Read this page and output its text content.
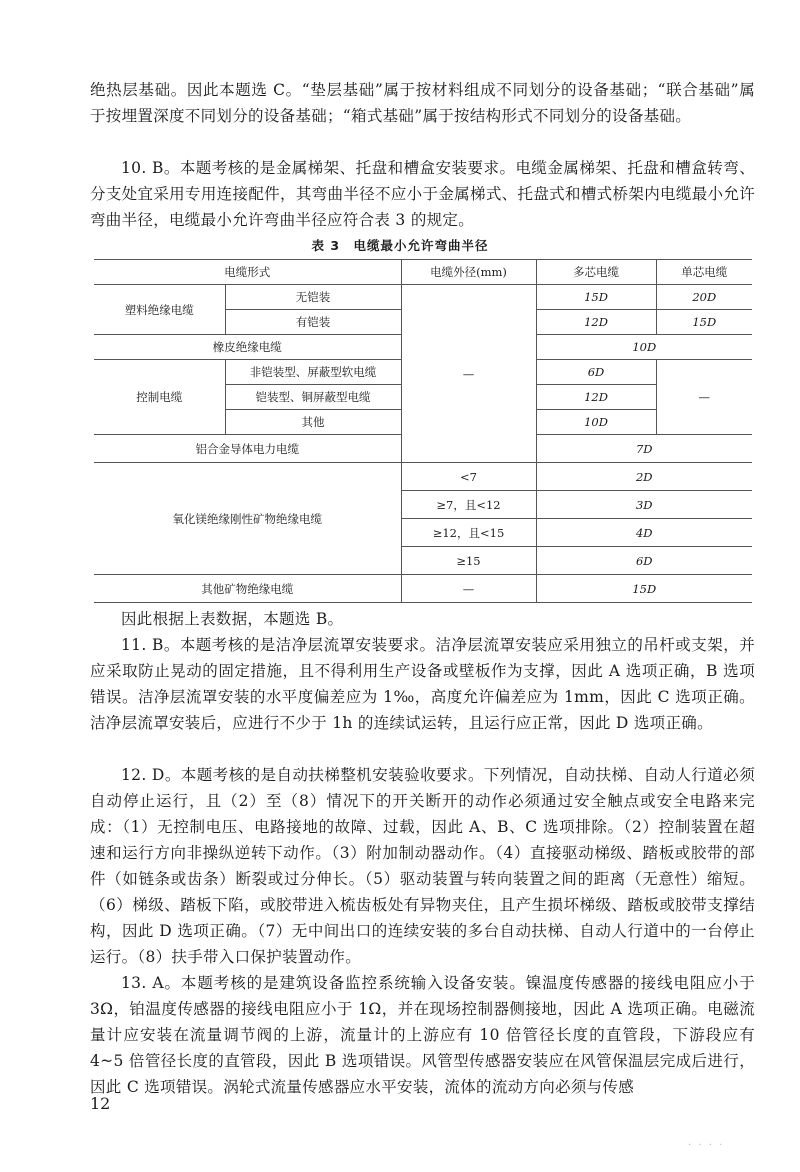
绝热层基础。因此本题选 C。“垫层基础”属于按材料组成不同划分的设备基础；“联合基础”属于按埋置深度不同划分的设备基础；“箱式基础”属于按结构形式不同划分的设备基础。

10. B。本题考核的是金属梯架、托盘和槽盒安装要求。电缆金属梯架、托盘和槽盒转弯、分支处宜采用专用连接配件，其弯曲半径不应小于金属梯式、托盘式和槽式桥架内电缆最小允许弯曲半径，电缆最小允许弯曲半径应符合表 3 的规定。

表 3　电缆最小允许弯曲半径
电缆形式		电缆外径(mm)	多芯电缆	单芯电缆
塑料绝缘电缆	无铠装	—	15D	20D
	有铠装		12D	15D
橡皮绝缘电缆			10D	
控制电缆	非铠装型、屏蔽型软电缆		6D	—
	铠装型、铜屏蔽型电缆		12D	
	其他		10D	
铝合金导体电力电缆			7D	
氧化镁绝缘刚性矿物绝缘电缆		<7	2D	
		≥7，且<12	3D	
		≥12，且<15	4D	
		≥15	6D	
其他矿物绝缘电缆		—	15D	

因此根据上表数据，本题选 B。

11. B。本题考核的是洁净层流罩安装要求。洁净层流罩安装应采用独立的吊杆或支架，并应采取防止晃动的固定措施，且不得利用生产设备或壁板作为支撑，因此 A 选项正确，B 选项错误。洁净层流罩安装的水平度偏差应为 1‰，高度允许偏差应为 1mm，因此 C 选项正确。洁净层流罩安装后，应进行不少于 1h 的连续试运转，且运行应正常，因此 D 选项正确。

12. D。本题考核的是自动扶梯整机安装验收要求。下列情况，自动扶梯、自动人行道必须自动停止运行，且（2）至（8）情况下的开关断开的动作必须通过安全触点或安全电路来完成：（1）无控制电压、电路接地的故障、过载，因此 A、B、C 选项排除。（2）控制装置在超速和运行方向非操纵逆转下动作。（3）附加制动器动作。（4）直接驱动梯级、踏板或胶带的部件（如链条或齿条）断裂或过分伸长。（5）驱动装置与转向装置之间的距离（无意性）缩短。（6）梯级、踏板下陷，或胶带进入梳齿板处有异物夹住，且产生损坏梯级、踏板或胶带支撑结构，因此 D 选项正确。（7）无中间出口的连续安装的多台自动扶梯、自动人行道中的一台停止运行。（8）扶手带入口保护装置动作。

13. A。本题考核的是建筑设备监控系统输入设备安装。镍温度传感器的接线电阻应小于 3Ω，铂温度传感器的接线电阻应小于 1Ω，并在现场控制器侧接地，因此 A 选项正确。电磁流量计应安装在流量调节阀的上游，流量计的上游应有 10 倍管径长度的直管段，下游段应有 4~5 倍管径长度的直管段，因此 B 选项错误。风管型传感器安装应在风管保温层完成后进行，因此 C 选项错误。涡轮式流量传感器应水平安装，流体的流动方向必须与传感

12
· · · ·
